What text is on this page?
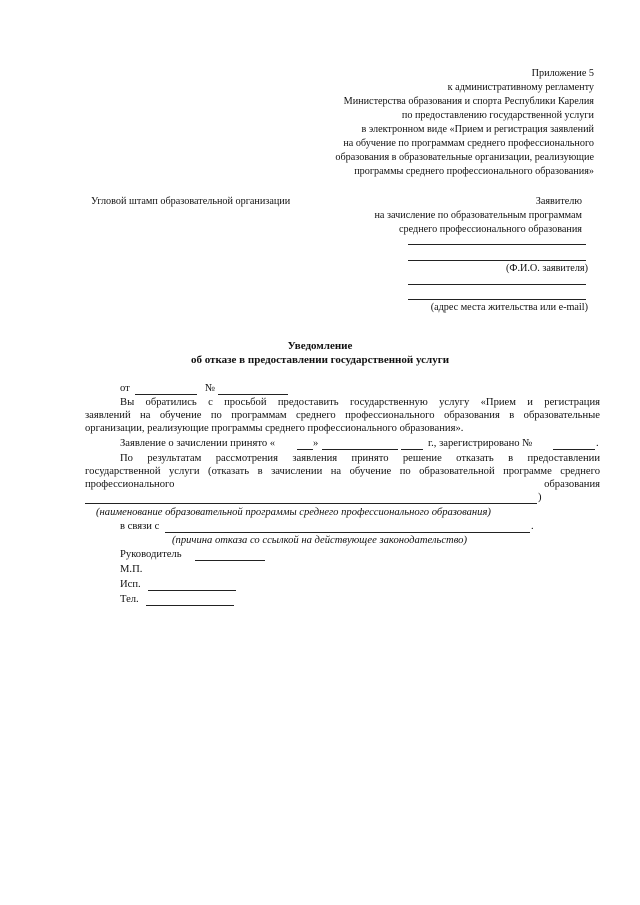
Приложение 5
к административному регламенту
Министерства образования и спорта Республики Карелия
по предоставлению государственной услуги
в электронном виде «Прием и регистрация заявлений
на обучение по программам среднего профессионального
образования в образовательные организации, реализующие
программы среднего профессионального образования»
Угловой штамп образовательной организации	Заявителю
на зачисление по образовательным программам
среднего профессионального образования
(Ф.И.О. заявителя)
(адрес места жительства или e-mail)
Уведомление
об отказе в предоставлении государственной услуги
от	№
Вы обратились с просьбой предоставить государственную услугу «Прием и регистрация
заявлений на обучение по программам среднего профессионального образования в образовательные
организации, реализующие программы среднего профессионального образования».
Заявление о зачислении принято «	»	г., зарегистрировано №	.
По результатам рассмотрения заявления принято решение отказать в предоставлении
государственной услуги (отказать в зачислении на обучение по образовательной программе среднего
профессионального	образования
)
(наименование образовательной программы среднего профессионального образования)
в связи с	.
(причина отказа со ссылкой на действующее законодательство)
Руководитель
М.П.
Исп.
Тел.
